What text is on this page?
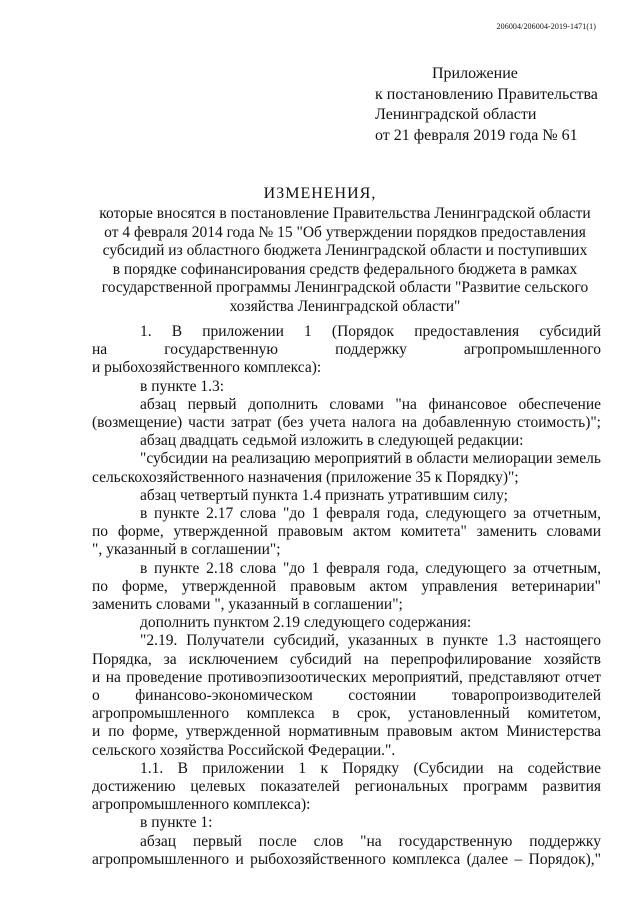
206004/206004-2019-1471(1)
Приложение
к постановлению Правительства
Ленинградской области
от 21 февраля 2019 года № 61
ИЗМЕНЕНИЯ,
которые вносятся в постановление Правительства Ленинградской области
от 4 февраля 2014 года № 15 "Об утверждении порядков предоставления
субсидий из областного бюджета Ленинградской области и поступивших
в порядке софинансирования средств федерального бюджета в рамках
государственной программы Ленинградской области "Развитие сельского
хозяйства Ленинградской области"
1. В приложении 1 (Порядок предоставления субсидий
на государственную поддержку агропромышленного
и рыбохозяйственного комплекса):
в пункте 1.3:
абзац первый дополнить словами "на финансовое обеспечение
(возмещение) части затрат (без учета налога на добавленную стоимость)";
абзац двадцать седьмой изложить в следующей редакции:
"субсидии на реализацию мероприятий в области мелиорации земель
сельскохозяйственного назначения (приложение 35 к Порядку)";
абзац четвертый пункта 1.4 признать утратившим силу;
в пункте 2.17 слова "до 1 февраля года, следующего за отчетным,
по форме, утвержденной правовым актом комитета" заменить словами
", указанный в соглашении";
в пункте 2.18 слова "до 1 февраля года, следующего за отчетным,
по форме, утвержденной правовым актом управления ветеринарии"
заменить словами ", указанный в соглашении";
дополнить пунктом 2.19 следующего содержания:
"2.19. Получатели субсидий, указанных в пункте 1.3 настоящего
Порядка, за исключением субсидий на перепрофилирование хозяйств
и на проведение противоэпизоотических мероприятий, представляют отчет
о финансово-экономическом состоянии товаропроизводителей
агропромышленного комплекса в срок, установленный комитетом,
и по форме, утвержденной нормативным правовым актом Министерства
сельского хозяйства Российской Федерации.".
1.1. В приложении 1 к Порядку (Субсидии на содействие
достижению целевых показателей региональных программ развития
агропромышленного комплекса):
в пункте 1:
абзац первый после слов "на государственную поддержку
агропромышленного и рыбохозяйственного комплекса (далее – Порядок),"
